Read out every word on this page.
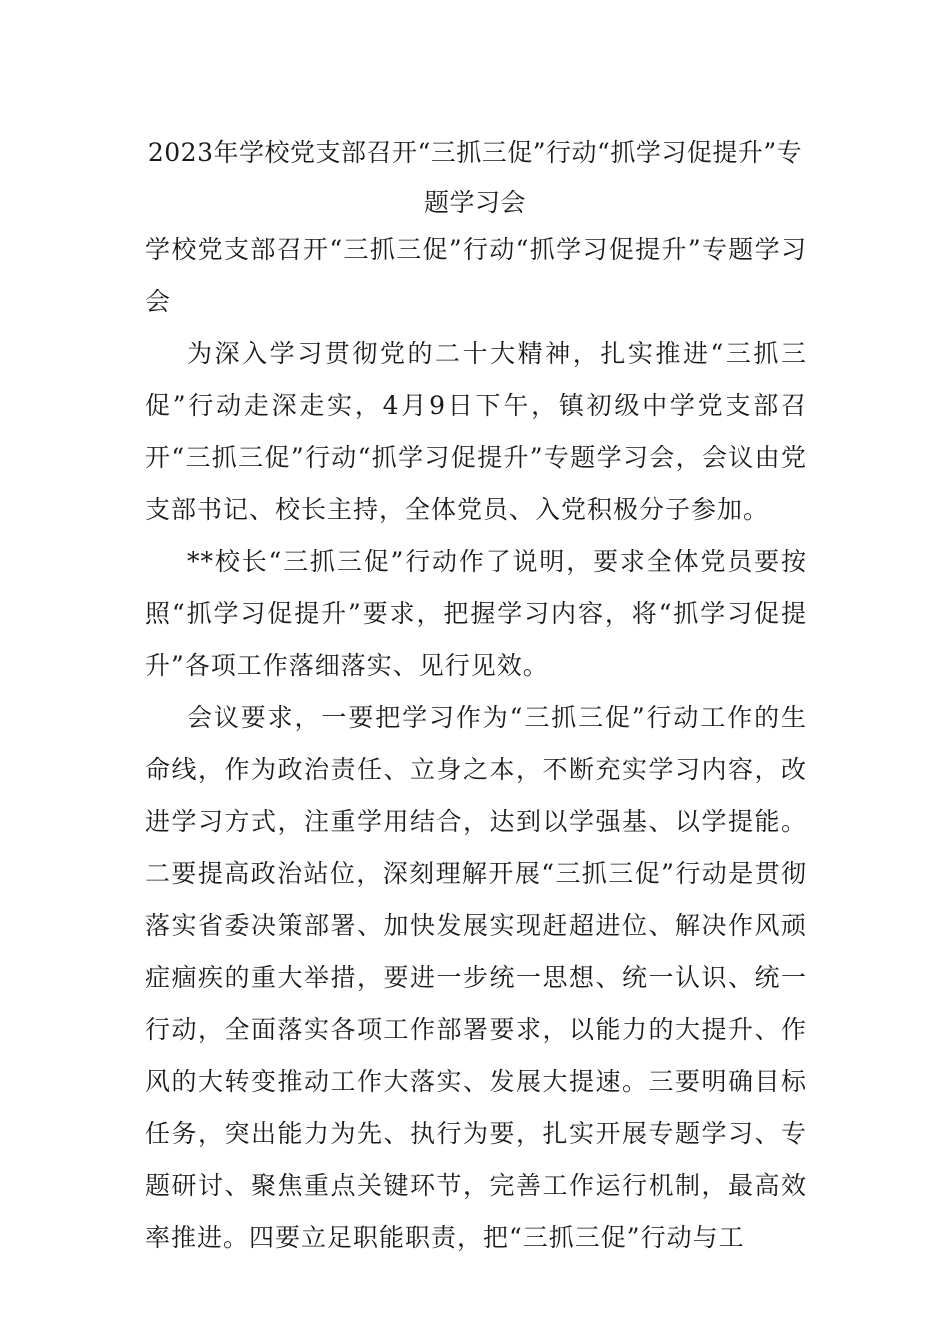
2023年学校党支部召开“三抓三促”行动“抓学习促提升”专题学习会

学校党支部召开“三抓三促”行动“抓学习促提升”专题学习会

为深入学习贯彻党的二十大精神，扎实推进“三抓三促”行动走深走实，4月9日下午，镇初级中学党支部召开“三抓三促”行动“抓学习促提升”专题学习会，会议由党支部书记、校长主持，全体党员、入党积极分子参加。

**校长“三抓三促”行动作了说明，要求全体党员要按照“抓学习促提升”要求，把握学习内容，将“抓学习促提升”各项工作落细落实、见行见效。

会议要求，一要把学习作为“三抓三促”行动工作的生命线，作为政治责任、立身之本，不断充实学习内容，改进学习方式，注重学用结合，达到以学强基、以学提能。二要提高政治站位，深刻理解开展“三抓三促”行动是贯彻落实省委决策部署、加快发展实现赶超进位、解决作风顽症痼疾的重大举措，要进一步统一思想、统一认识、统一行动，全面落实各项工作部署要求，以能力的大提升、作风的大转变推动工作大落实、发展大提速。三要明确目标任务，突出能力为先、执行为要，扎实开展专题学习、专题研讨、聚焦重点关键环节，完善工作运行机制，最高效率推进。四要立足职能职责，把“三抓三促”行动与工
